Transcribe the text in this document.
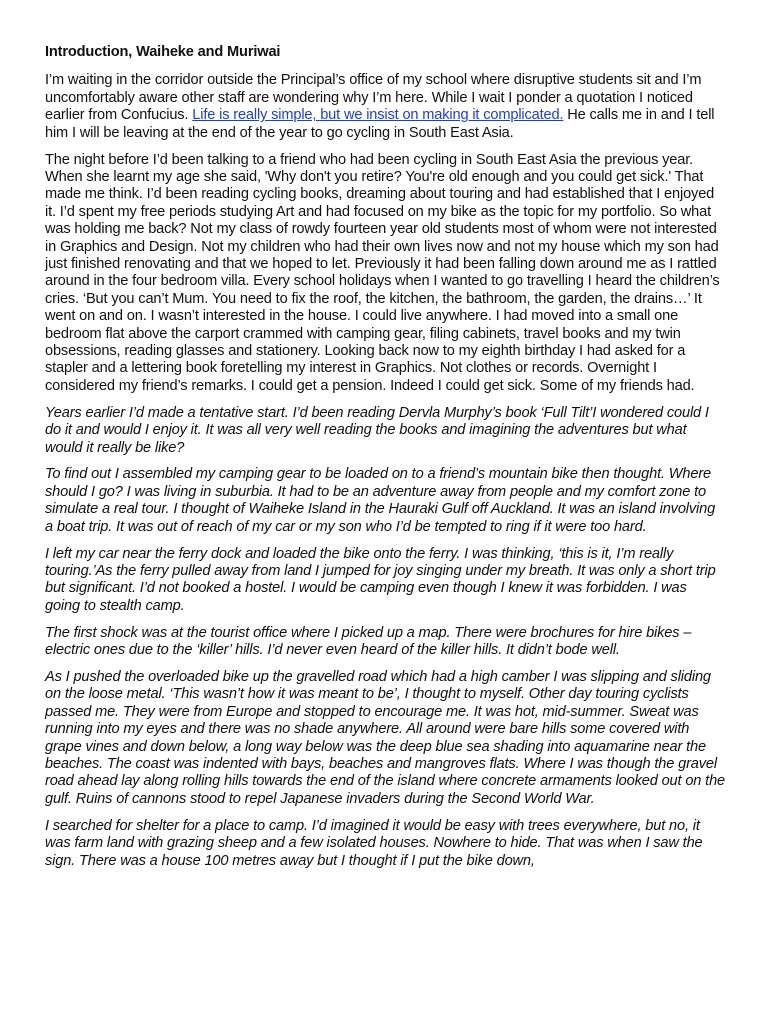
Introduction, Waiheke and Muriwai

I’m waiting in the corridor outside the Principal’s office of my school where disruptive students sit and I’m uncomfortably aware other staff are wondering why I’m here. While I wait I ponder a quotation I noticed earlier from Confucius. Life is really simple, but we insist on making it complicated. He calls me in and I tell him I will be leaving at the end of the year to go cycling in South East Asia.

The night before I’d been talking to a friend who had been cycling in South East Asia the previous year. When she learnt my age she said, 'Why don't you retire? You're old enough and you could get sick.' That made me think. I’d been reading cycling books, dreaming about touring and had established that I enjoyed it. I’d spent my free periods studying Art and had focused on my bike as the topic for my portfolio. So what was holding me back? Not my class of rowdy fourteen year old students most of whom were not interested in Graphics and Design. Not my children who had their own lives now and not my house which my son had just finished renovating and that we hoped to let. Previously it had been falling down around me as I rattled around in the four bedroom villa. Every school holidays when I wanted to go travelling I heard the children’s cries. ‘But you can’t Mum. You need to fix the roof, the kitchen, the bathroom, the garden, the drains…’ It went on and on. I wasn’t interested in the house. I could live anywhere. I had moved into a small one bedroom flat above the carport crammed with camping gear, filing cabinets, travel books and my twin obsessions, reading glasses and stationery. Looking back now to my eighth birthday I had asked for a stapler and a lettering book foretelling my interest in Graphics. Not clothes or records. Overnight I considered my friend’s remarks. I could get a pension. Indeed I could get sick. Some of my friends had.

Years earlier I’d made a tentative start. I’d been reading Dervla Murphy’s book ‘Full Tilt’I wondered could I do it and would I enjoy it. It was all very well reading the books and imagining the adventures but what would it really be like?

To find out I assembled my camping gear to be loaded on to a friend’s mountain bike then thought. Where should I go? I was living in suburbia. It had to be an adventure away from people and my comfort zone to simulate a real tour. I thought of Waiheke Island in the Hauraki Gulf off Auckland. It was an island involving a boat trip. It was out of reach of my car or my son who I’d be tempted to ring if it were too hard.

I left my car near the ferry dock and loaded the bike onto the ferry. I was thinking, ‘this is it, I’m really touring.’As the ferry pulled away from land I jumped for joy singing under my breath. It was only a short trip but significant. I’d not booked a hostel. I would be camping even though I knew it was forbidden. I was going to stealth camp.

The first shock was at the tourist office where I picked up a map. There were brochures for hire bikes – electric ones due to the ‘killer’ hills. I’d never even heard of the killer hills. It didn’t bode well.

As I pushed the overloaded bike up the gravelled road which had a high camber I was slipping and sliding on the loose metal. ‘This wasn’t how it was meant to be’, I thought to myself. Other day touring cyclists passed me. They were from Europe and stopped to encourage me. It was hot, mid-summer. Sweat was running into my eyes and there was no shade anywhere. All around were bare hills some covered with grape vines and down below, a long way below was the deep blue sea shading into aquamarine near the beaches. The coast was indented with bays, beaches and mangroves flats. Where I was though the gravel road ahead lay along rolling hills towards the end of the island where concrete armaments looked out on the gulf. Ruins of cannons stood to repel Japanese invaders during the Second World War.

I searched for shelter for a place to camp. I’d imagined it would be easy with trees everywhere, but no, it was farm land with grazing sheep and a few isolated houses. Nowhere to hide. That was when I saw the sign. There was a house 100 metres away but I thought if I put the bike down,
